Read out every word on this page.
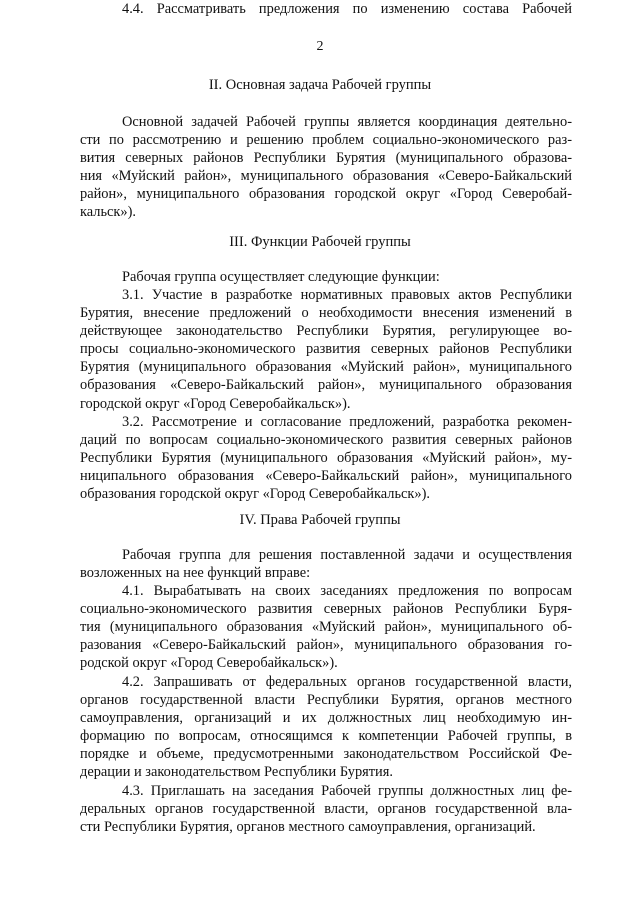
2
II. Основная задача Рабочей группы
Основной задачей Рабочей группы является координация деятельно-
сти по рассмотрению и решению проблем социально-экономического раз-
вития северных районов Республики Бурятия (муниципального образова-
ния «Муйский район», муниципального образования «Северо-Байкальский
район», муниципального образования городской округ «Город Северобай-
кальск»).
III. Функции Рабочей группы
Рабочая группа осуществляет следующие функции:
3.1. Участие в разработке нормативных правовых актов Республики
Бурятия, внесение предложений о необходимости внесения изменений в
действующее законодательство Республики Бурятия, регулирующее во-
просы социально-экономического развития северных районов Республики
Бурятия (муниципального образования «Муйский район», муниципального
образования «Северо-Байкальский район», муниципального образования
городской округ «Город Северобайкальск»).
3.2. Рассмотрение и согласование предложений, разработка рекомен-
даций по вопросам социально-экономического развития северных районов
Республики Бурятия (муниципального образования «Муйский район», му-
ниципального образования «Северо-Байкальский район», муниципального
образования городской округ «Город Северобайкальск»).
IV. Права Рабочей группы
Рабочая группа для решения поставленной задачи и осуществления
возложенных на нее функций вправе:
4.1. Вырабатывать на своих заседаниях предложения по вопросам
социально-экономического развития северных районов Республики Буря-
тия (муниципального образования «Муйский район», муниципального об-
разования «Северо-Байкальский район», муниципального образования го-
родской округ «Город Северобайкальск»).
4.2. Запрашивать от федеральных органов государственной власти,
органов государственной власти Республики Бурятия, органов местного
самоуправления, организаций и их должностных лиц необходимую ин-
формацию по вопросам, относящимся к компетенции Рабочей группы, в
порядке и объеме, предусмотренными законодательством Российской Фе-
дерации и законодательством Республики Бурятия.
4.3. Приглашать на заседания Рабочей группы должностных лиц фе-
деральных органов государственной власти, органов государственной вла-
сти Республики Бурятия, органов местного самоуправления, организаций.
4.4. Рассматривать предложения по изменению состава Рабочей
